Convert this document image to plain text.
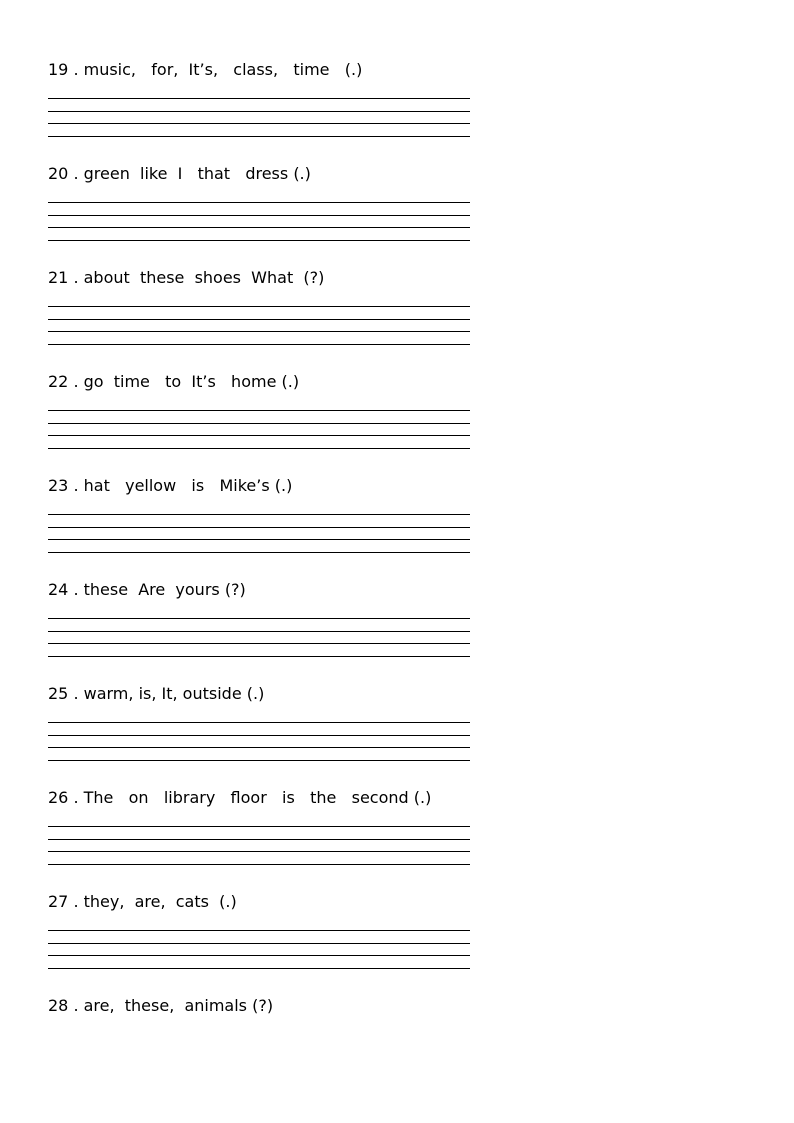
19 . music,   for,  It’s,   class,   time   (.)
20 . green  like  I   that   dress (.)
21 . about  these  shoes  What  (?)
22 . go  time   to  It’s   home (.)
23 . hat   yellow   is   Mike’s (.)
24 . these  Are  yours (?)
25 . warm, is, It, outside (.)
26 . The   on   library   floor   is   the   second (.)
27 . they,  are,  cats  (.)
28 . are,  these,  animals (?)
